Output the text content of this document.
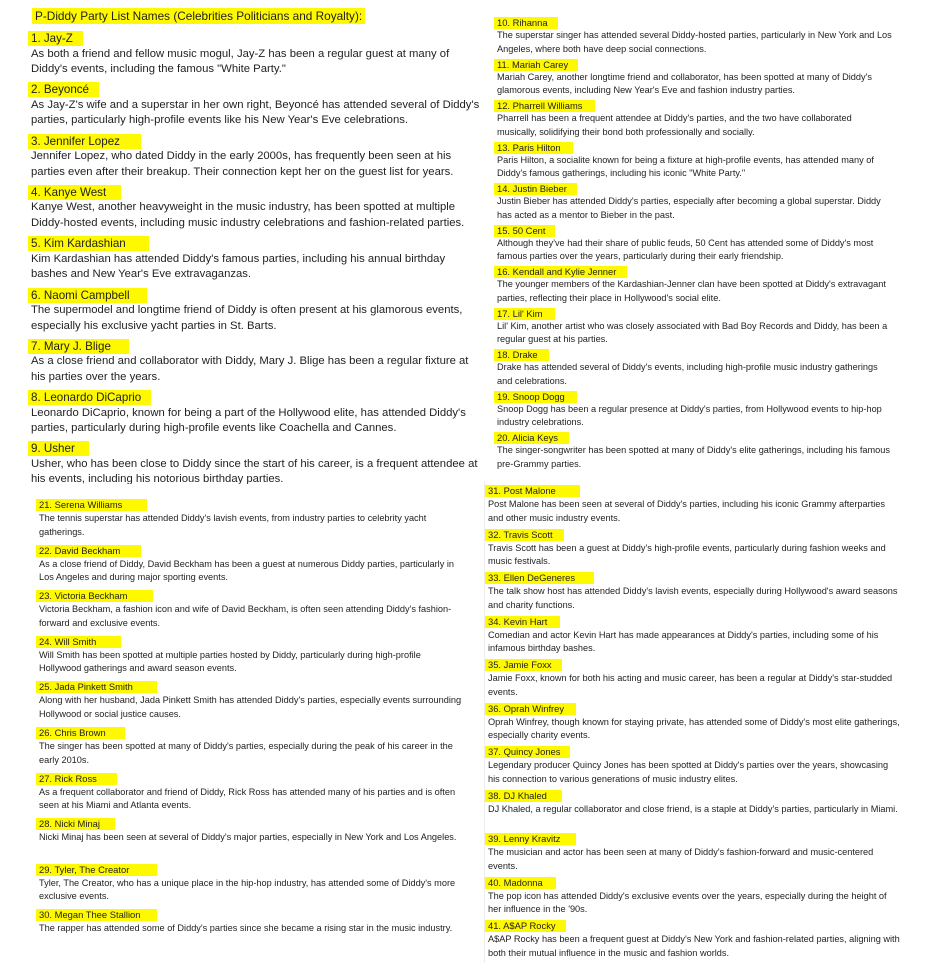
P-Diddy Party List Names (Celebrities Politicians and Royalty):
1. Jay-Z
As both a friend and fellow music mogul, Jay-Z has been a regular guest at many of Diddy's events, including the famous "White Party."
2. Beyoncé
As Jay-Z's wife and a superstar in her own right, Beyoncé has attended several of Diddy's parties, particularly high-profile events like his New Year's Eve celebrations.
3. Jennifer Lopez
Jennifer Lopez, who dated Diddy in the early 2000s, has frequently been seen at his parties even after their breakup. Their connection kept her on the guest list for years.
4. Kanye West
Kanye West, another heavyweight in the music industry, has been spotted at multiple Diddy-hosted events, including music industry celebrations and fashion-related parties.
5. Kim Kardashian
Kim Kardashian has attended Diddy's famous parties, including his annual birthday bashes and New Year's Eve extravaganzas.
6. Naomi Campbell
The supermodel and longtime friend of Diddy is often present at his glamorous events, especially his exclusive yacht parties in St. Barts.
7. Mary J. Blige
As a close friend and collaborator with Diddy, Mary J. Blige has been a regular fixture at his parties over the years.
8. Leonardo DiCaprio
Leonardo DiCaprio, known for being a part of the Hollywood elite, has attended Diddy's parties, particularly during high-profile events like Coachella and Cannes.
9. Usher
Usher, who has been close to Diddy since the start of his career, is a frequent attendee at his events, including his notorious birthday parties.
10. Rihanna
The superstar singer has attended several Diddy-hosted parties, particularly in New York and Los Angeles, where both have deep social connections.
11. Mariah Carey
Mariah Carey, another longtime friend and collaborator, has been spotted at many of Diddy's glamorous events, including New Year's Eve and fashion industry parties.
12. Pharrell Williams
Pharrell has been a frequent attendee at Diddy's parties, and the two have collaborated musically, solidifying their bond both professionally and socially.
13. Paris Hilton
Paris Hilton, a socialite known for being a fixture at high-profile events, has attended many of Diddy's famous gatherings, including his iconic "White Party."
14. Justin Bieber
Justin Bieber has attended Diddy's parties, especially after becoming a global superstar. Diddy has acted as a mentor to Bieber in the past.
15. 50 Cent
Although they've had their share of public feuds, 50 Cent has attended some of Diddy's most famous parties over the years, particularly during their early friendship.
16. Kendall and Kylie Jenner
The younger members of the Kardashian-Jenner clan have been spotted at Diddy's extravagant parties, reflecting their place in Hollywood's social elite.
17. Lil' Kim
Lil' Kim, another artist who was closely associated with Bad Boy Records and Diddy, has been a regular guest at his parties.
18. Drake
Drake has attended several of Diddy's events, including high-profile music industry gatherings and celebrations.
19. Snoop Dogg
Snoop Dogg has been a regular presence at Diddy's parties, from Hollywood events to hip-hop industry celebrations.
20. Alicia Keys
The singer-songwriter has been spotted at many of Diddy's elite gatherings, including his famous pre-Grammy parties.
21. Serena Williams
The tennis superstar has attended Diddy's lavish events, from industry parties to celebrity yacht gatherings.
22. David Beckham
As a close friend of Diddy, David Beckham has been a guest at numerous Diddy parties, particularly in Los Angeles and during major sporting events.
23. Victoria Beckham
Victoria Beckham, a fashion icon and wife of David Beckham, is often seen attending Diddy's fashion-forward and exclusive events.
24. Will Smith
Will Smith has been spotted at multiple parties hosted by Diddy, particularly during high-profile Hollywood gatherings and award season events.
25. Jada Pinkett Smith
Along with her husband, Jada Pinkett Smith has attended Diddy's parties, especially events surrounding Hollywood or social justice causes.
26. Chris Brown
The singer has been spotted at many of Diddy's parties, especially during the peak of his career in the early 2010s.
27. Rick Ross
As a frequent collaborator and friend of Diddy, Rick Ross has attended many of his parties and is often seen at his Miami and Atlanta events.
28. Nicki Minaj
Nicki Minaj has been seen at several of Diddy's major parties, especially in New York and Los Angeles.
29. Tyler, The Creator
Tyler, The Creator, who has a unique place in the hip-hop industry, has attended some of Diddy's more exclusive events.
30. Megan Thee Stallion
The rapper has attended some of Diddy's parties since she became a rising star in the music industry.
31. Post Malone
Post Malone has been seen at several of Diddy's parties, including his iconic Grammy afterparties and other music industry events.
32. Travis Scott
Travis Scott has been a guest at Diddy's high-profile events, particularly during fashion weeks and music festivals.
33. Ellen DeGeneres
The talk show host has attended Diddy's lavish events, especially during Hollywood's award seasons and charity functions.
34. Kevin Hart
Comedian and actor Kevin Hart has made appearances at Diddy's parties, including some of his infamous birthday bashes.
35. Jamie Foxx
Jamie Foxx, known for both his acting and music career, has been a regular at Diddy's star-studded events.
36. Oprah Winfrey
Oprah Winfrey, though known for staying private, has attended some of Diddy's most elite gatherings, especially charity events.
37. Quincy Jones
Legendary producer Quincy Jones has been spotted at Diddy's parties over the years, showcasing his connection to various generations of music industry elites.
38. DJ Khaled
DJ Khaled, a regular collaborator and close friend, is a staple at Diddy's parties, particularly in Miami.
39. Lenny Kravitz
The musician and actor has been seen at many of Diddy's fashion-forward and music-centered events.
40. Madonna
The pop icon has attended Diddy's exclusive events over the years, especially during the height of her influence in the '90s.
41. A$AP Rocky
A$AP Rocky has been a frequent guest at Diddy's New York and fashion-related parties, aligning with both their mutual influence in the music and fashion worlds.
